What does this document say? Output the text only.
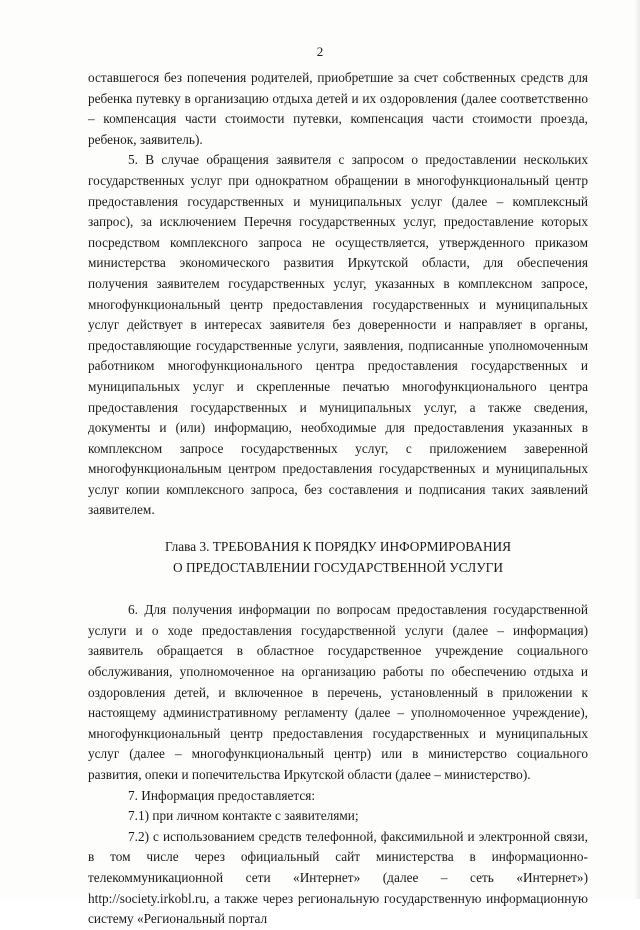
2

оставшегося без попечения родителей, приобретшие за счет собственных средств для ребенка путевку в организацию отдыха детей и их оздоровления (далее соответственно – компенсация части стоимости путевки, компенсация части стоимости проезда, ребенок, заявитель).

5. В случае обращения заявителя с запросом о предоставлении нескольких государственных услуг при однократном обращении в многофункциональный центр предоставления государственных и муниципальных услуг (далее – комплексный запрос), за исключением Перечня государственных услуг, предоставление которых посредством комплексного запроса не осуществляется, утвержденного приказом министерства экономического развития Иркутской области, для обеспечения получения заявителем государственных услуг, указанных в комплексном запросе, многофункциональный центр предоставления государственных и муниципальных услуг действует в интересах заявителя без доверенности и направляет в органы, предоставляющие государственные услуги, заявления, подписанные уполномоченным работником многофункционального центра предоставления государственных и муниципальных услуг и скрепленные печатью многофункционального центра предоставления государственных и муниципальных услуг, а также сведения, документы и (или) информацию, необходимые для предоставления указанных в комплексном запросе государственных услуг, с приложением заверенной многофункциональным центром предоставления государственных и муниципальных услуг копии комплексного запроса, без составления и подписания таких заявлений заявителем.

Глава 3. ТРЕБОВАНИЯ К ПОРЯДКУ ИНФОРМИРОВАНИЯ
О ПРЕДОСТАВЛЕНИИ ГОСУДАРСТВЕННОЙ УСЛУГИ

6. Для получения информации по вопросам предоставления государственной услуги и о ходе предоставления государственной услуги (далее – информация) заявитель обращается в областное государственное учреждение социального обслуживания, уполномоченное на организацию работы по обеспечению отдыха и оздоровления детей, и включенное в перечень, установленный в приложении к настоящему административному регламенту (далее – уполномоченное учреждение), многофункциональный центр предоставления государственных и муниципальных услуг (далее – многофункциональный центр) или в министерство социального развития, опеки и попечительства Иркутской области (далее – министерство).

7. Информация предоставляется:

7.1) при личном контакте с заявителями;

7.2) с использованием средств телефонной, факсимильной и электронной связи, в том числе через официальный сайт министерства в информационно-телекоммуникационной сети «Интернет» (далее – сеть «Интернет») http://society.irkobl.ru, а также через региональную государственную информационную систему «Региональный портал
